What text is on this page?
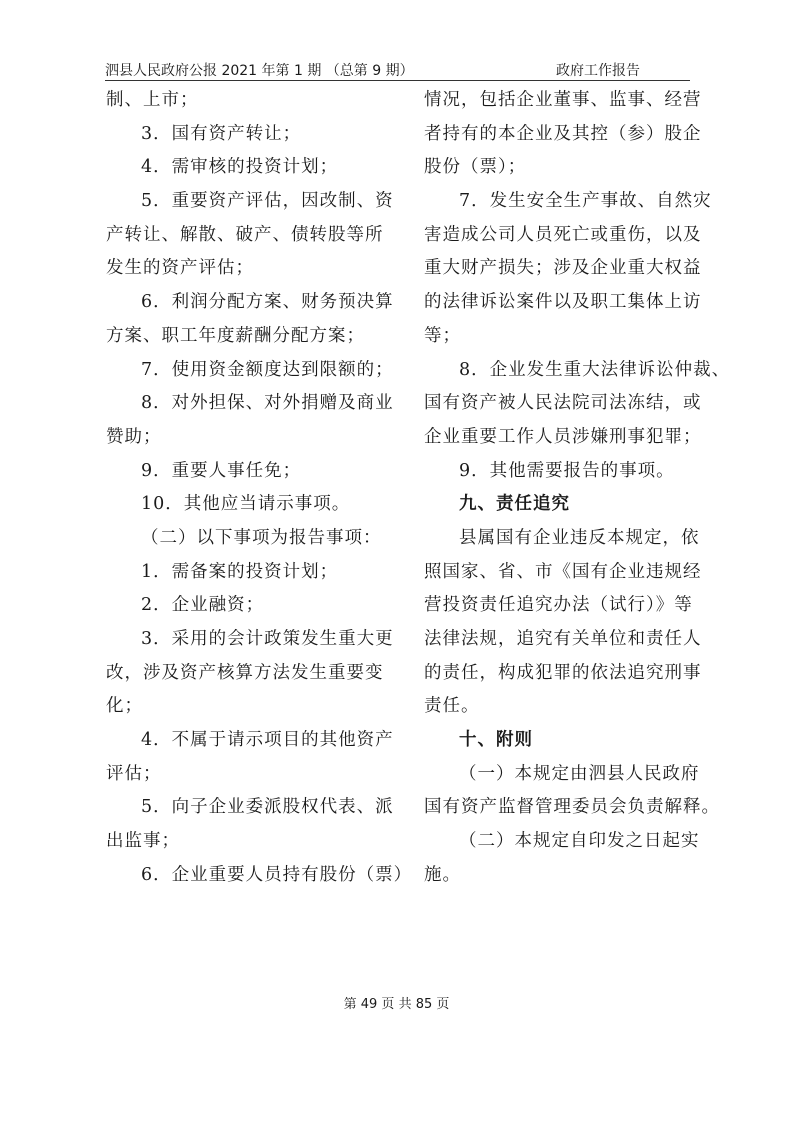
泗县人民政府公报 2021 年第 1 期 （总第 9 期）	政府工作报告
制、上市；
3．国有资产转让；
4．需审核的投资计划；
5．重要资产评估，因改制、资
产转让、解散、破产、债转股等所
发生的资产评估；
6．利润分配方案、财务预决算
方案、职工年度薪酬分配方案；
7．使用资金额度达到限额的；
8．对外担保、对外捐赠及商业
赞助；
9．重要人事任免；
10．其他应当请示事项。
（二）以下事项为报告事项：
1．需备案的投资计划；
2．企业融资；
3．采用的会计政策发生重大更
改，涉及资产核算方法发生重要变
化；
4．不属于请示项目的其他资产
评估；
5．向子企业委派股权代表、派
出监事；
6．企业重要人员持有股份（票）
情况，包括企业董事、监事、经营
者持有的本企业及其控（参）股企
股份（票）；
7．发生安全生产事故、自然灾
害造成公司人员死亡或重伤，以及
重大财产损失；涉及企业重大权益
的法律诉讼案件以及职工集体上访
等；
8．企业发生重大法律诉讼仲裁、
国有资产被人民法院司法冻结，或
企业重要工作人员涉嫌刑事犯罪；
9．其他需要报告的事项。
九、责任追究
县属国有企业违反本规定，依
照国家、省、市《国有企业违规经
营投资责任追究办法（试行）》等
法律法规，追究有关单位和责任人
的责任，构成犯罪的依法追究刑事
责任。
十、附则
（一）本规定由泗县人民政府
国有资产监督管理委员会负责解释。
（二）本规定自印发之日起实
施。
第 49 页 共 85 页
